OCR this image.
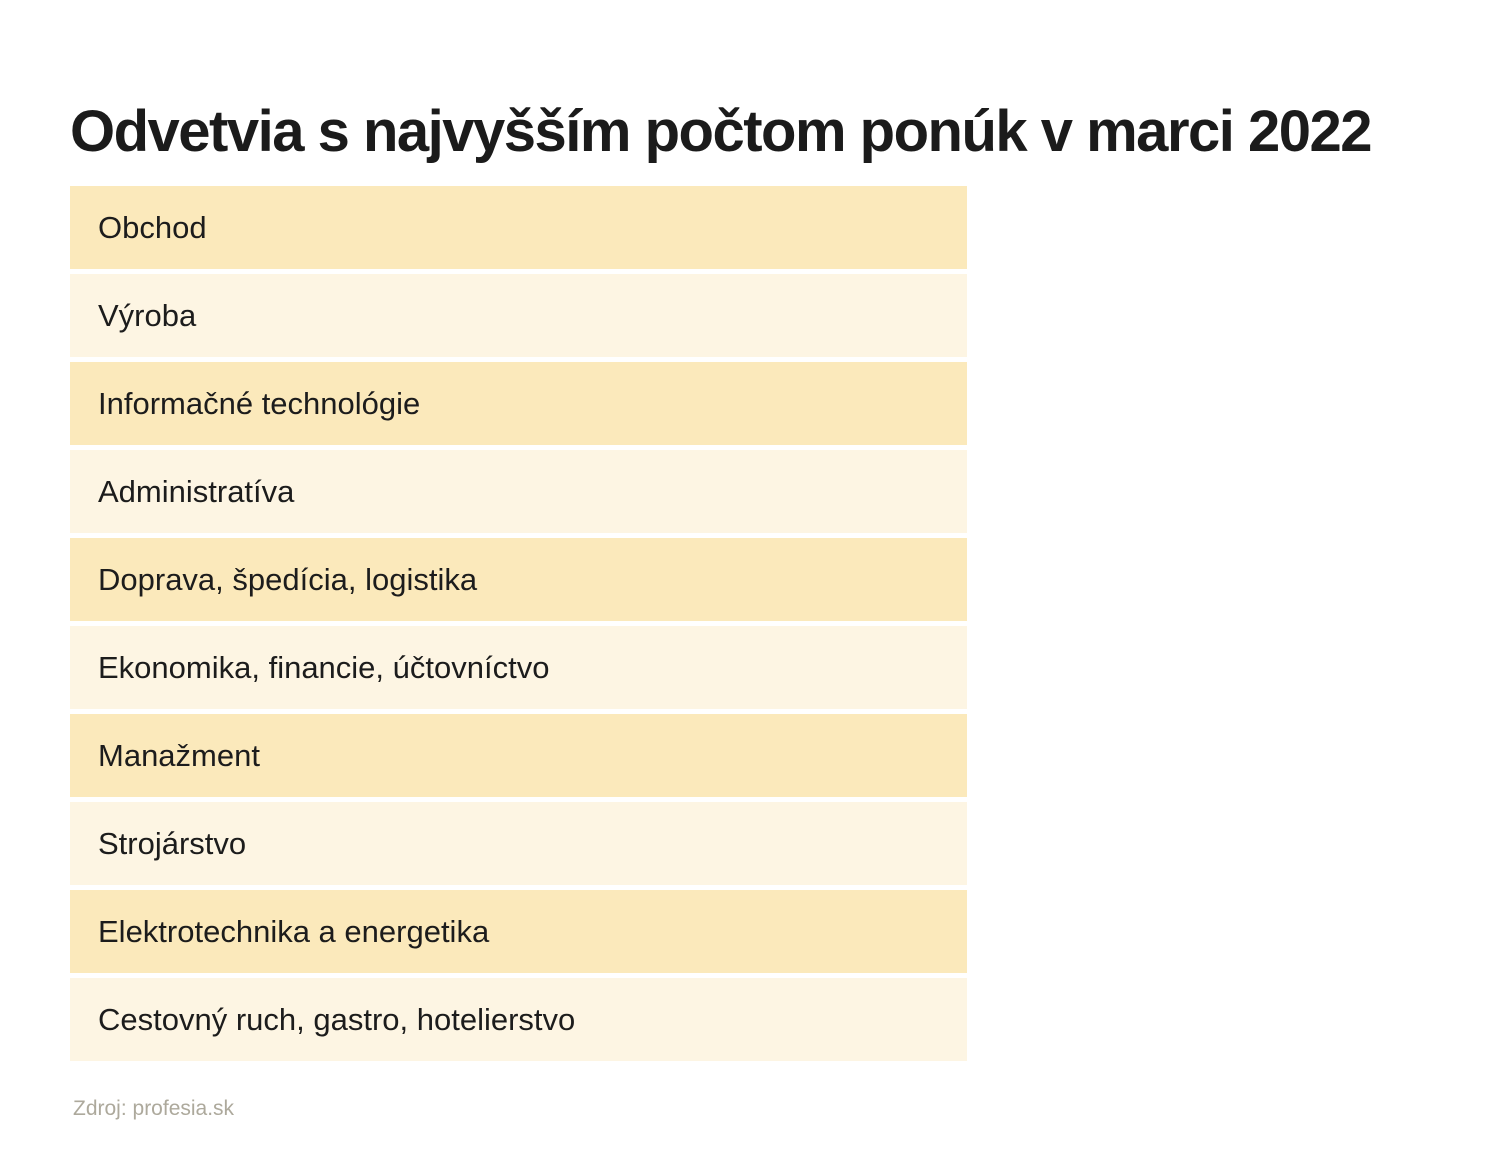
Odvetvia s najvyšším počtom ponúk v marci 2022
Obchod
Výroba
Informačné technológie
Administratíva
Doprava, špedícia, logistika
Ekonomika, financie, účtovníctvo
Manažment
Strojárstvo
Elektrotechnika a energetika
Cestovný ruch, gastro, hotelierstvo
Zdroj: profesia.sk
